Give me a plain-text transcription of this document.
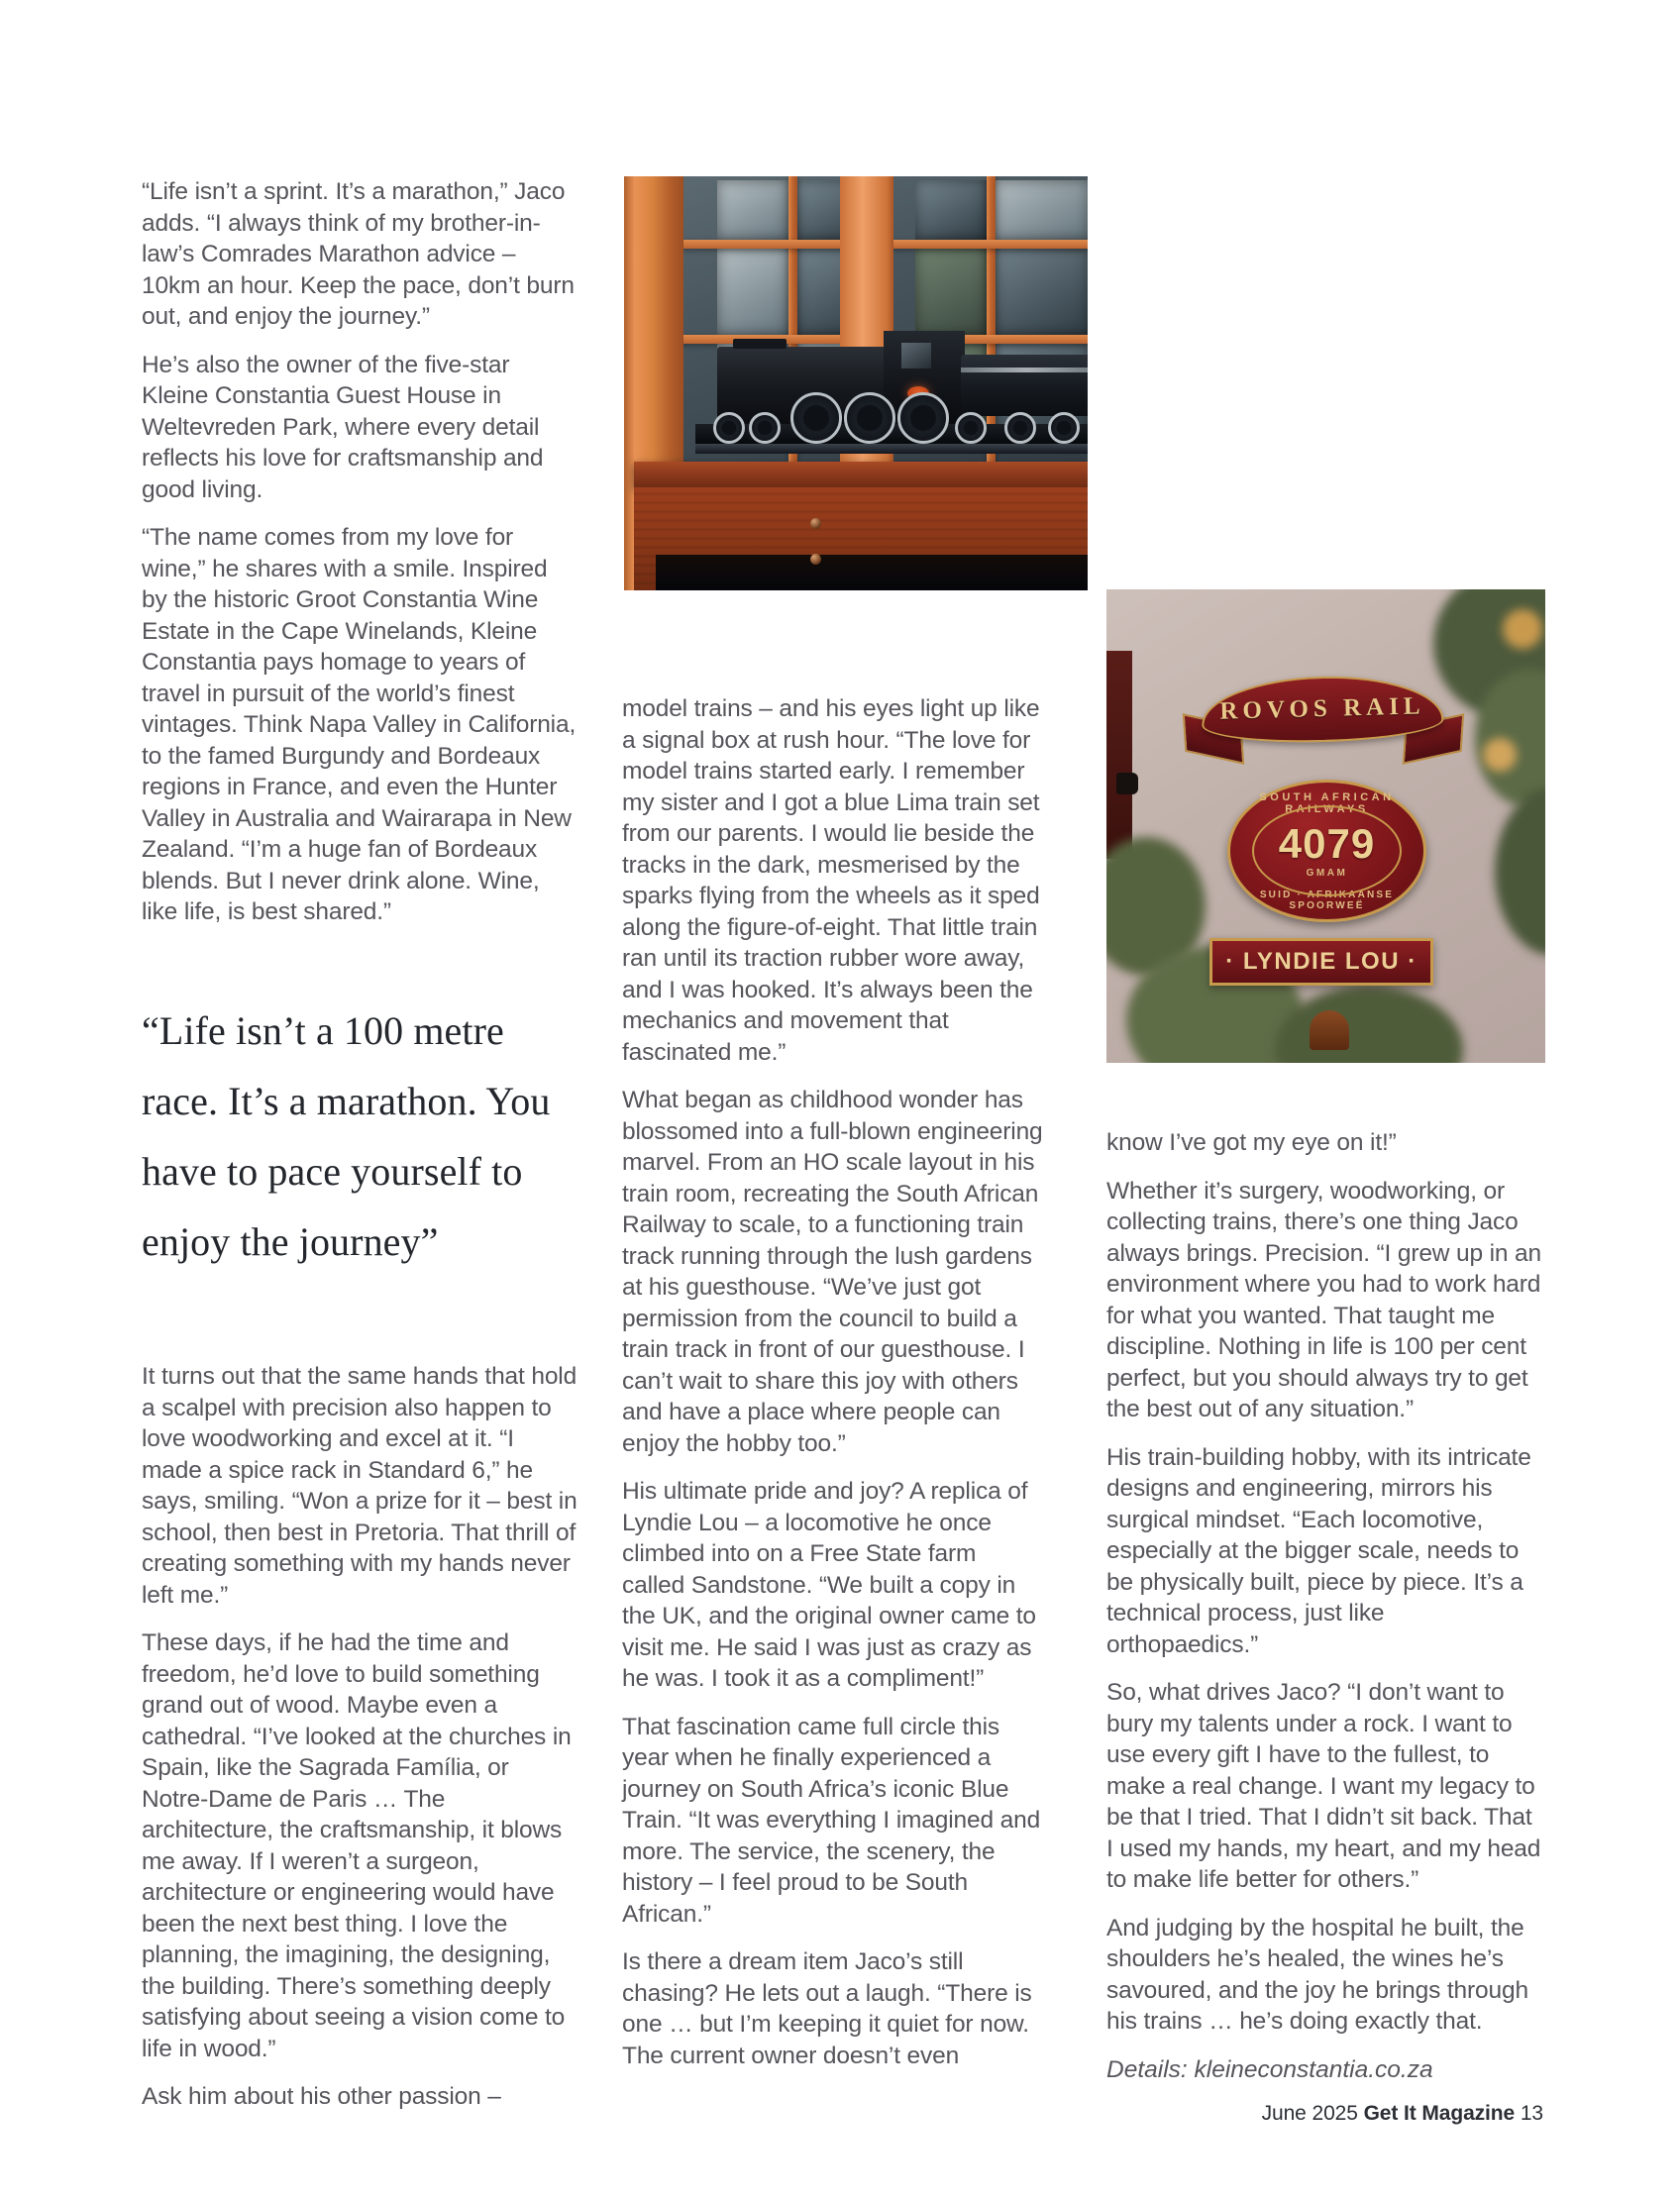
“Life isn’t a sprint. It’s a marathon,” Jaco adds. “I always think of my brother-in-law’s Comrades Marathon advice – 10km an hour. Keep the pace, don’t burn out, and enjoy the journey.”

He’s also the owner of the five-star Kleine Constantia Guest House in Weltevreden Park, where every detail reflects his love for craftsmanship and good living.

“The name comes from my love for wine,” he shares with a smile. Inspired by the historic Groot Constantia Wine Estate in the Cape Winelands, Kleine Constantia pays homage to years of travel in pursuit of the world’s finest vintages. Think Napa Valley in California, to the famed Burgundy and Bordeaux regions in France, and even the Hunter Valley in Australia and Wairarapa in New Zealand. “I’m a huge fan of Bordeaux blends. But I never drink alone. Wine, like life, is best shared.”

“Life isn’t a 100 metre race. It’s a marathon. You have to pace yourself to enjoy the journey”

It turns out that the same hands that hold a scalpel with precision also happen to love woodworking and excel at it. “I made a spice rack in Standard 6,” he says, smiling. “Won a prize for it – best in school, then best in Pretoria. That thrill of creating something with my hands never left me.”

These days, if he had the time and freedom, he’d love to build something grand out of wood. Maybe even a cathedral. “I’ve looked at the churches in Spain, like the Sagrada Família, or Notre-Dame de Paris … The architecture, the craftsmanship, it blows me away. If I weren’t a surgeon, architecture or engineering would have been the next best thing. I love the planning, the imagining, the designing, the building. There’s something deeply satisfying about seeing a vision come to life in wood.”

Ask him about his other passion –

model trains – and his eyes light up like a signal box at rush hour. “The love for model trains started early. I remember my sister and I got a blue Lima train set from our parents. I would lie beside the tracks in the dark, mesmerised by the sparks flying from the wheels as it sped along the figure-of-eight. That little train ran until its traction rubber wore away, and I was hooked. It’s always been the mechanics and movement that fascinated me.”

What began as childhood wonder has blossomed into a full-blown engineering marvel. From an HO scale layout in his train room, recreating the South African Railway to scale, to a functioning train track running through the lush gardens at his guesthouse. “We’ve just got permission from the council to build a train track in front of our guesthouse. I can’t wait to share this joy with others and have a place where people can enjoy the hobby too.”

His ultimate pride and joy? A replica of Lyndie Lou – a locomotive he once climbed into on a Free State farm called Sandstone. “We built a copy in the UK, and the original owner came to visit me. He said I was just as crazy as he was. I took it as a compliment!”

That fascination came full circle this year when he finally experienced a journey on South Africa’s iconic Blue Train. “It was everything I imagined and more. The service, the scenery, the history – I feel proud to be South African.”

Is there a dream item Jaco’s still chasing? He lets out a laugh. “There is one … but I’m keeping it quiet for now. The current owner doesn’t even

know I’ve got my eye on it!”

Whether it’s surgery, woodworking, or collecting trains, there’s one thing Jaco always brings. Precision. “I grew up in an environment where you had to work hard for what you wanted. That taught me discipline. Nothing in life is 100 per cent perfect, but you should always try to get the best out of any situation.”

His train-building hobby, with its intricate designs and engineering, mirrors his surgical mindset. “Each locomotive, especially at the bigger scale, needs to be physically built, piece by piece. It’s a technical process, just like orthopaedics.”

So, what drives Jaco? “I don’t want to bury my talents under a rock. I want to use every gift I have to the fullest, to make a real change. I want my legacy to be that I tried. That I didn’t sit back. That I used my hands, my heart, and my head to make life better for others.”

And judging by the hospital he built, the shoulders he’s healed, the wines he’s savoured, and the joy he brings through his trains … he’s doing exactly that.

Details: kleineconstantia.co.za

ROVOS RAIL
SOUTH AFRICAN RAILWAYS
SUID · AFRIKAANSE SPOORWEË
4079
GMAM
· LYNDIE LOU ·
June 2025 Get It Magazine 13
